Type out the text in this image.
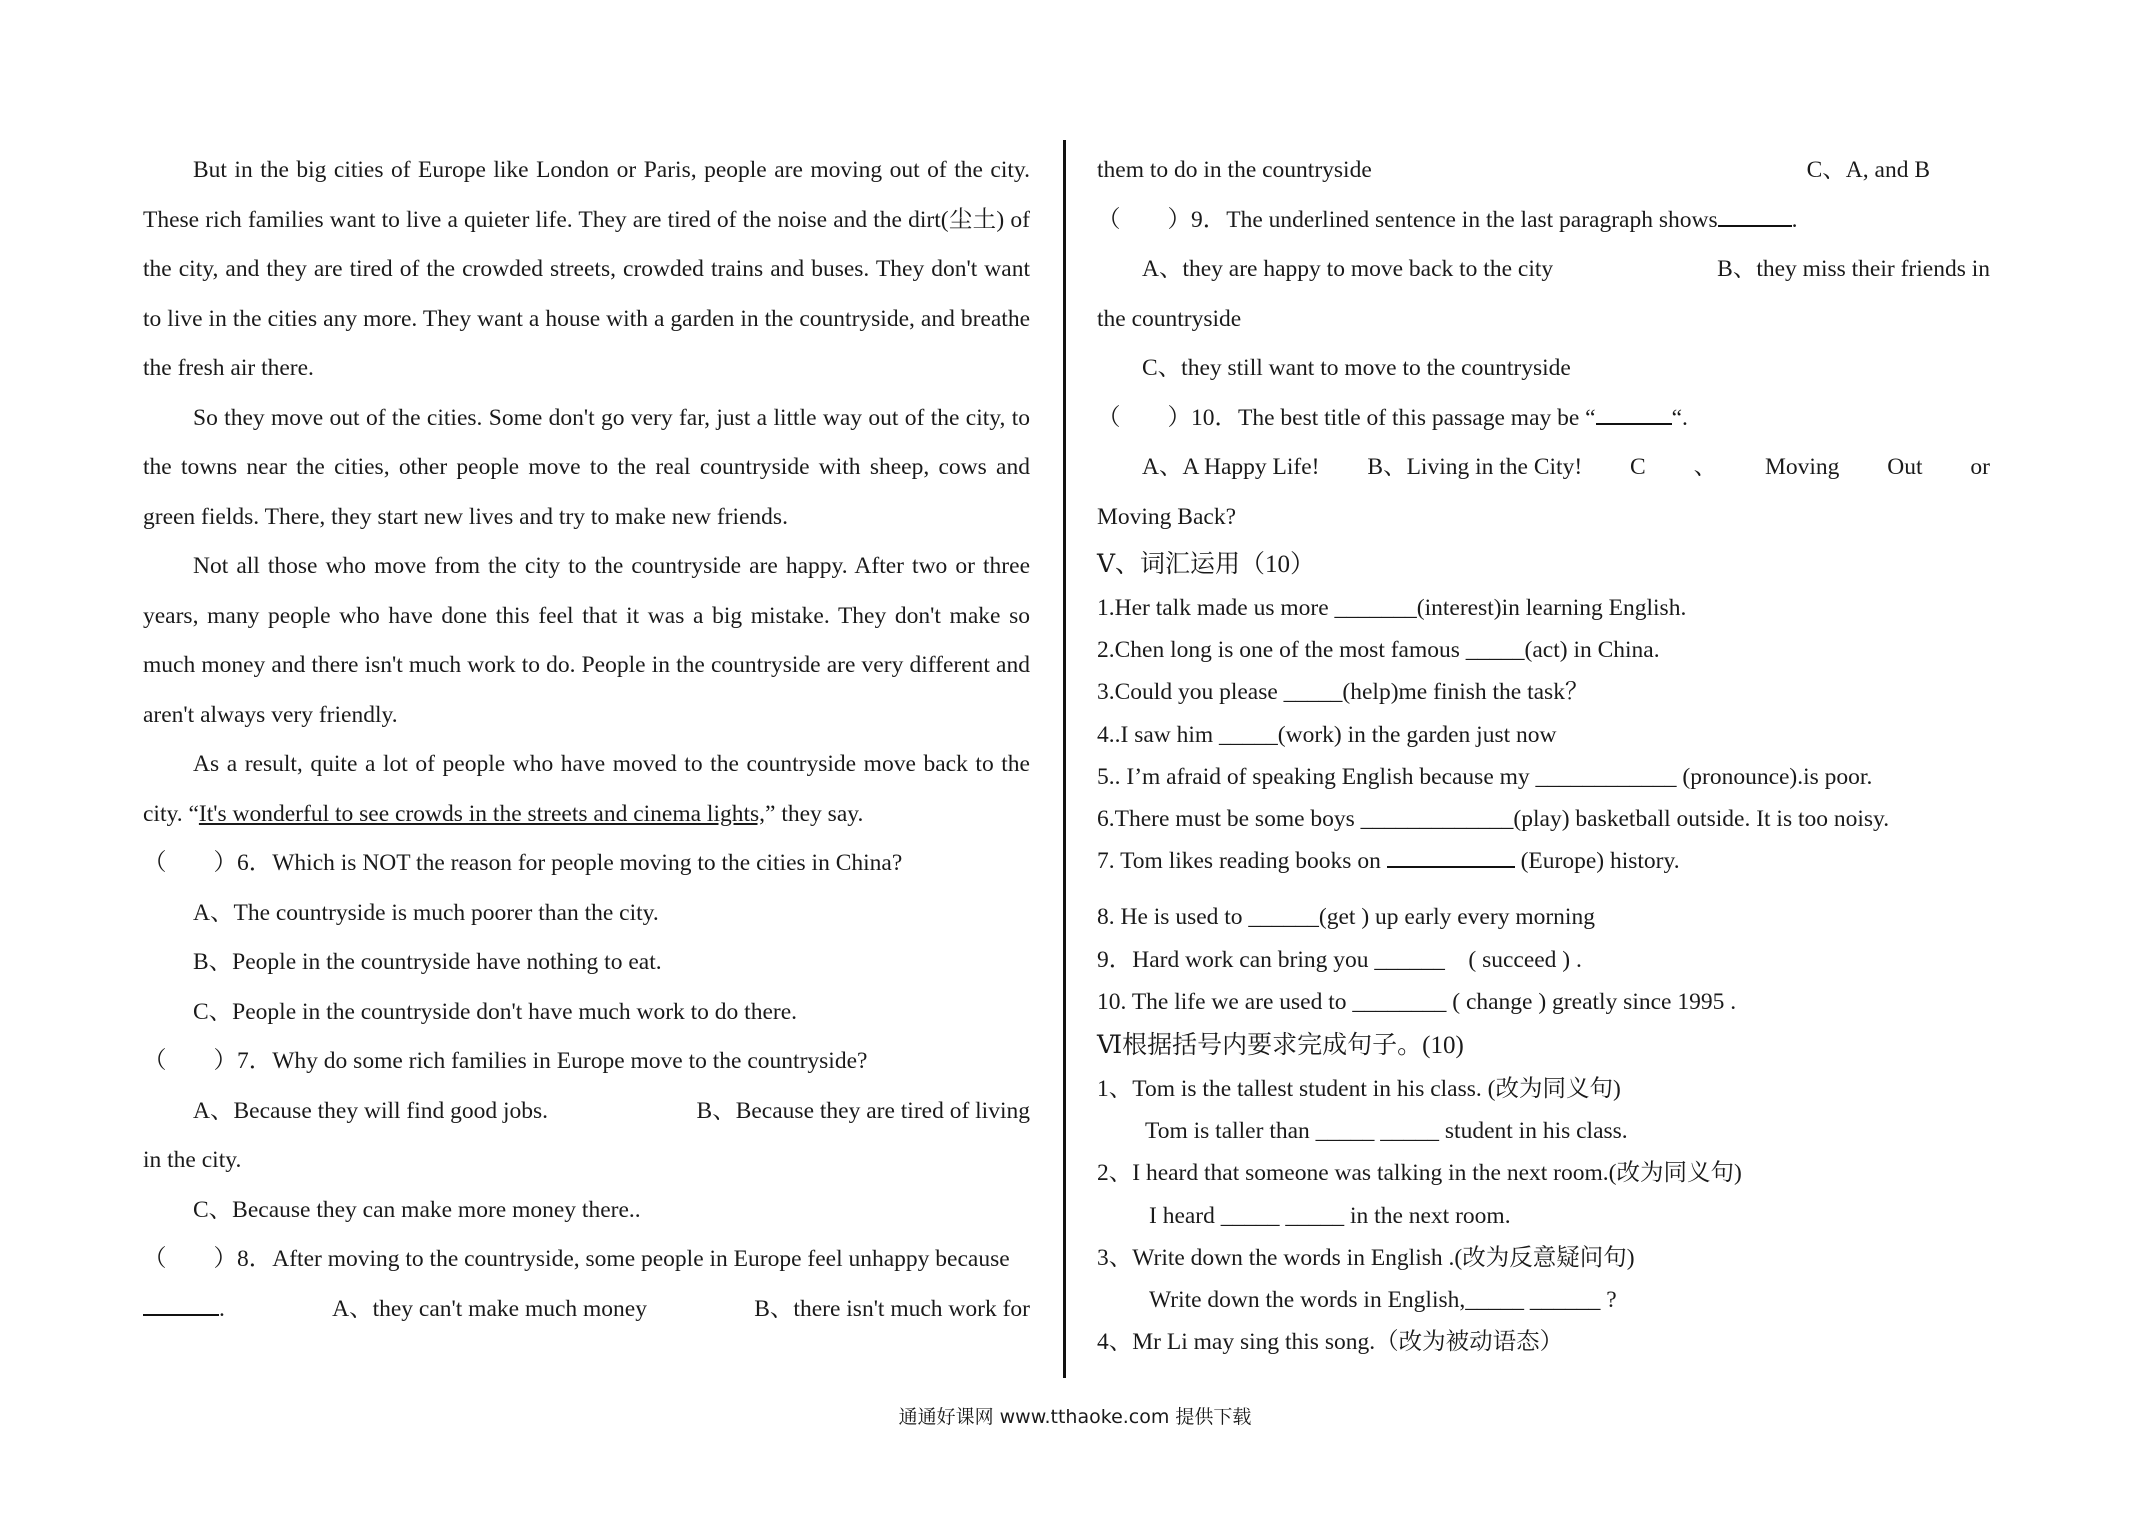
But in the big cities of Europe like London or Paris, people are moving out of the city. These rich families want to live a quieter life. They are tired of the noise and the dirt(尘土) of the city, and they are tired of the crowded streets, crowded trains and buses. They don't want to live in the cities any more. They want a house with a garden in the countryside, and breathe the fresh air there.

So they move out of the cities. Some don't go very far, just a little way out of the city, to the towns near the cities, other people move to the real countryside with sheep, cows and green fields. There, they start new lives and try to make new friends.

Not all those who move from the city to the countryside are happy. After two or three years, many people who have done this feel that it was a big mistake. They don't make so much money and there isn't much work to do. People in the countryside are very different and aren't always very friendly.

As a result, quite a lot of people who have moved to the countryside move back to the city. “It's wonderful to see crowds in the streets and cinema lights,” they say.

（　　）6．Which is NOT the reason for people moving to the cities in China?
A、The countryside is much poorer than the city.
B、People in the countryside have nothing to eat.
C、People in the countryside don't have much work to do there.
（　　）7．Why do some rich families in Europe move to the countryside?
A、Because they will find good jobs.	B、Because they are tired of living
in the city.
C、Because they can make more money there..

（　　）8．After moving to the countryside, some people in Europe feel unhappy because

.	A、they can't make much money	B、there isn't much work for
them to do in the countryside	C、A, and B
（　　）9．The underlined sentence in the last paragraph shows	.
A、they are happy to move back to the city	B、they miss their friends in
the countryside
C、they still want to move to the countryside
（　　）10．The best title of this passage may be “	“.
A、A Happy Life! B、Living in the City! C 、 Moving Out or
Moving Back?
Ⅴ、词汇运用（10）
1.Her talk made us more _______(interest)in learning English.
2.Chen long is one of the most famous _____(act) in China.
3.Could you please _____(help)me finish the task？
4..I saw him _____(work) in the garden just now
5.. I’m afraid of speaking English because my ____________ (pronounce).is poor.
6.There must be some boys _____________(play) basketball outside. It is too noisy.
7. Tom likes reading books on	(Europe) history.
8. He is used to ______(get ) up early every morning
9．Hard work can bring you ______　( succeed ) .
10. The life we are used to ________ ( change ) greatly since 1995 .
Ⅵ根据括号内要求完成句子。(10)
1、Tom is the tallest student in his class. (改为同义句)
Tom is taller than _____ _____ student in his class.
2、I heard that someone was talking in the next room.(改为同义句)
I heard _____ _____ in the next room.
3、Write down the words in English .(改为反意疑问句)
Write down the words in English,_____ ______ ?
4、Mr Li may sing this song.（改为被动语态）
通通好课网 www.tthaoke.com 提供下载
